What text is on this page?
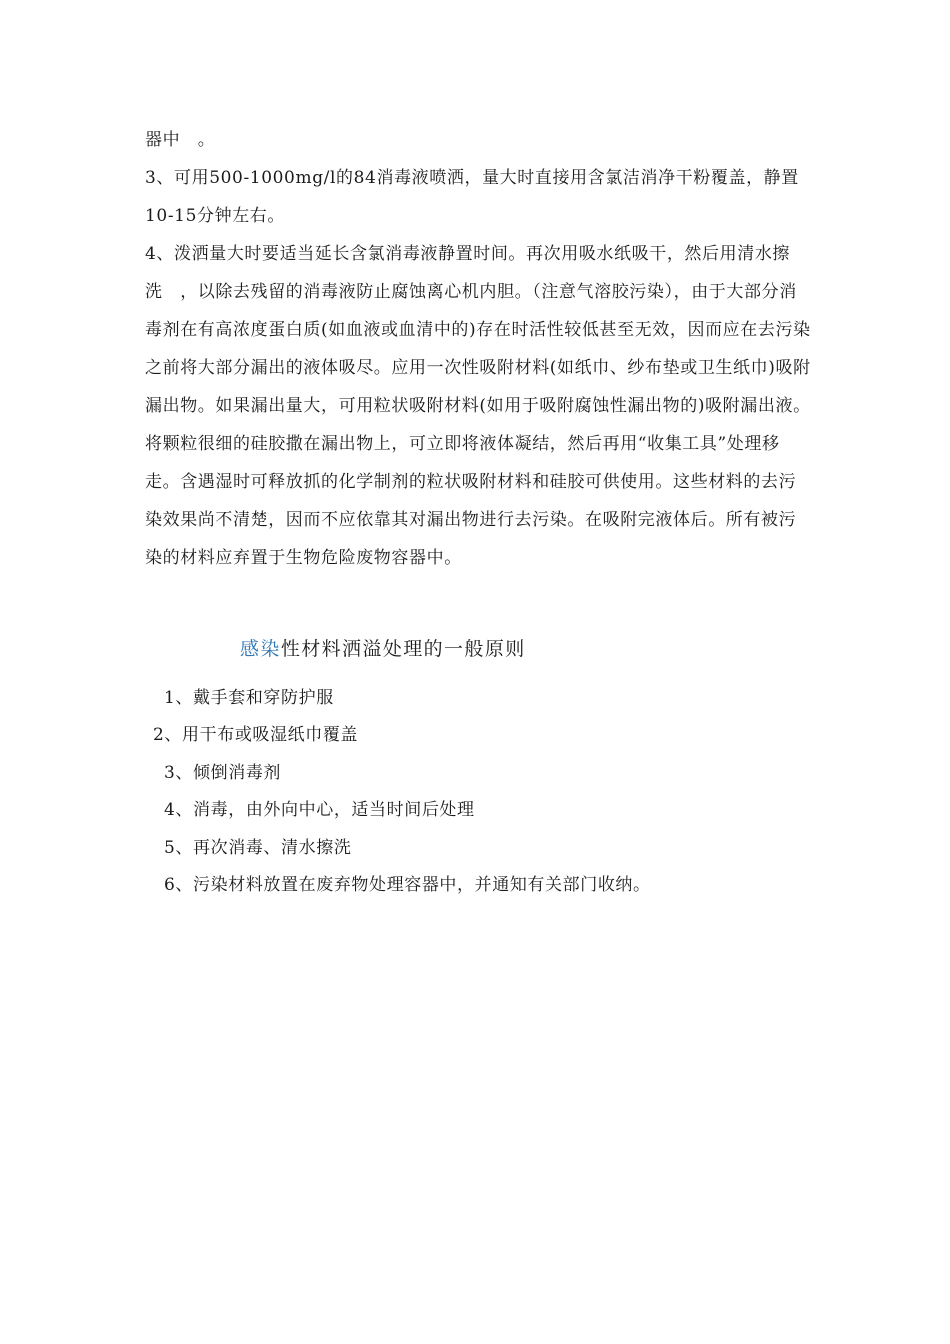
器中　。

3、可用500-1000mg/l的84消毒液喷洒，量大时直接用含氯洁消净干粉覆盖，静置10-15分钟左右。

4、泼洒量大时要适当延长含氯消毒液静置时间。再次用吸水纸吸干，然后用清水擦洗　，以除去残留的消毒液防止腐蚀离心机内胆。（注意气溶胶污染），由于大部分消毒剂在有高浓度蛋白质(如血液或血清中的)存在时活性较低甚至无效，因而应在去污染之前将大部分漏出的液体吸尽。应用一次性吸附材料(如纸巾、纱布垫或卫生纸巾)吸附漏出物。如果漏出量大，可用粒状吸附材料(如用于吸附腐蚀性漏出物的)吸附漏出液。将颗粒很细的硅胶撒在漏出物上，可立即将液体凝结，然后再用“收集工具”处理移走。含遇湿时可释放抓的化学制剂的粒状吸附材料和硅胶可供使用。这些材料的去污染效果尚不清楚，因而不应依靠其对漏出物进行去污染。在吸附完液体后。所有被污染的材料应弃置于生物危险废物容器中。

感染性材料洒溢处理的一般原则
1、戴手套和穿防护服
2、用干布或吸湿纸巾覆盖
3、倾倒消毒剂
4、消毒，由外向中心，适当时间后处理
5、再次消毒、清水擦洗
6、污染材料放置在废弃物处理容器中，并通知有关部门收纳。
